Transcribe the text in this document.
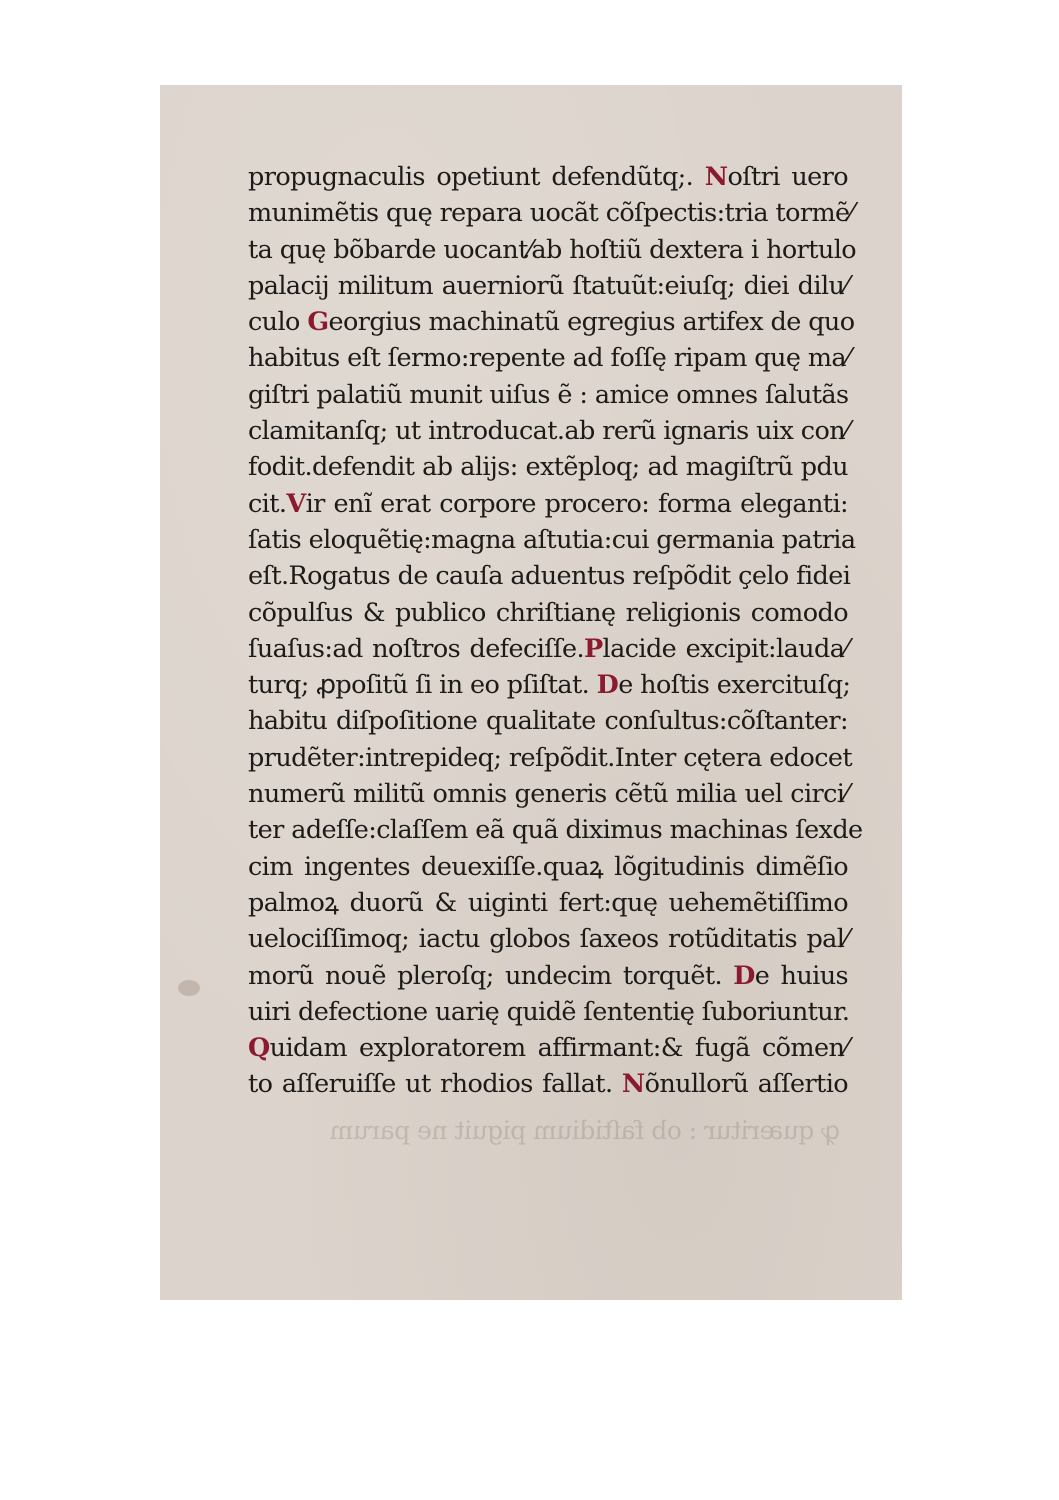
propugnaculis opetiunt defendũtq;. Noſtri uero
munimẽtis quę repara uocãt cõſpectis:tria tormẽ⁄
ta quę bõbarde uocant⁄ab hoſtiũ dextera i hortulo
palacij militum auerniorũ ſtatuũt:eiuſq; diei dilu⁄
culo Georgius machinatũ egregius artifex de quo
habitus eſt ſermo:repente ad foſſę ripam quę ma⁄
giſtri palatiũ munit uiſus ẽ : amice omnes ſalutãs
clamitanſq; ut introducat.ab rerũ ignaris uix con⁄
fodit.defendit ab alijs: extẽploq; ad magiſtrũ pdu
cit.Vir enĩ erat corpore procero: forma eleganti:
ſatis eloquẽtię:magna aſtutia:cui germania patria
eſt.Rogatus de cauſa aduentus reſpõdit çelo fidei
cõpulſus & publico chriſtianę religionis comodo
ſuaſus:ad noſtros defeciſſe.Placide excipit:lauda⁄
turq; ꝓpoſitũ ſi in eo pſiſtat. De hoſtis exercituſq;
habitu diſpoſitione qualitate conſultus:cõſtanter:
prudẽter:intrepideq; reſpõdit.Inter cętera edocet
numerũ militũ omnis generis cẽtũ milia uel circi⁄
ter adeſſe:claſſem eã quã diximus machinas ſexde
cim ingentes deuexiſſe.quaꝝ lõgitudinis dimẽſio
palmoꝝ duorũ & uiginti fert:quę uehemẽtiſſimo
uelociſſimoq; iactu globos ſaxeos rotũditatis pal⁄
morũ nouẽ pleroſq; undecim torquẽt. De huius
uiri defectione uarię quidẽ ſententię ſuboriuntur.
Quidam exploratorem affirmant:& fugã cõmen⁄
to aſſeruiſſe ut rhodios fallat. Nõnullorũ aſſertio
ꝙ quæritur : ob faſtidium piguit ne parum
​
